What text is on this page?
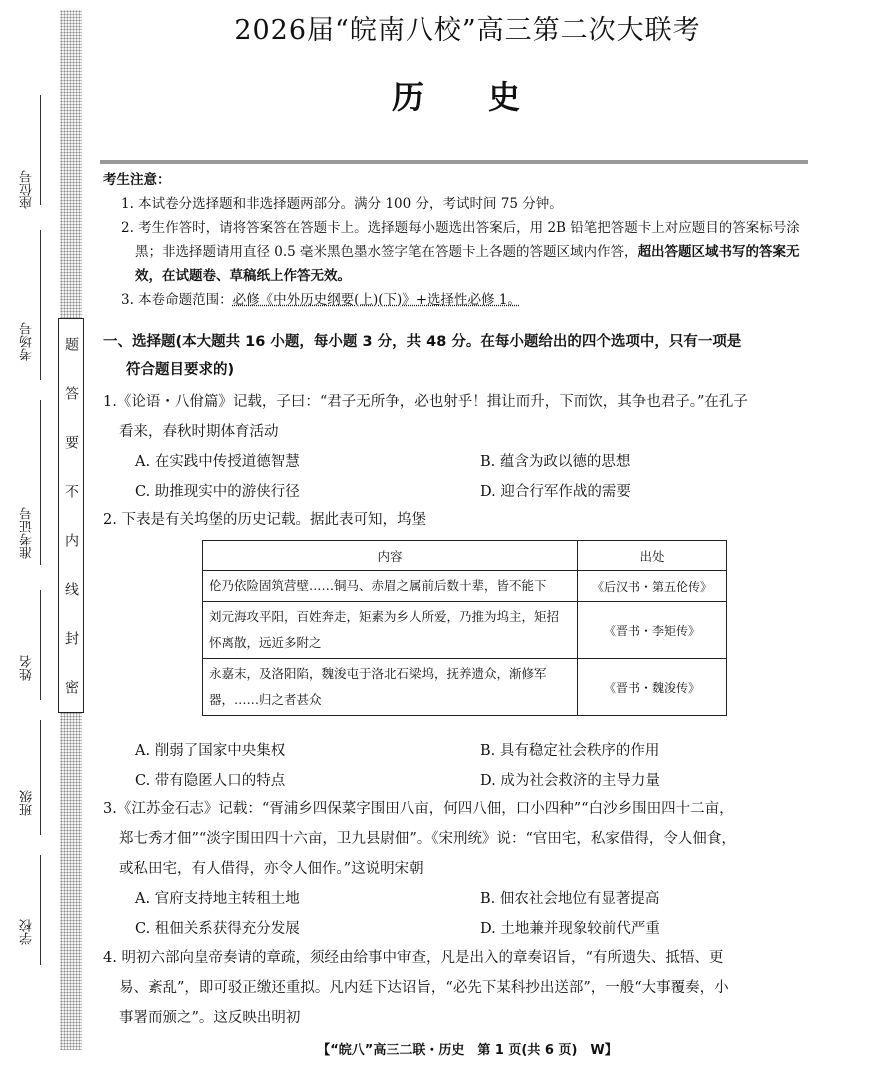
题
答
要
不
内
线
封
密
座位号
考场号
准考证号
姓名
班级
学校
2026届“皖南八校”高三第二次大联考
历　　史
考生注意：
1. 本试卷分选择题和非选择题两部分。满分 100 分，考试时间 75 分钟。
2. 考生作答时，请将答案答在答题卡上。选择题每小题选出答案后，用 2B 铅笔把答题卡上对应题目的答案标号涂黑；非选择题请用直径 0.5 毫米黑色墨水签字笔在答题卡上各题的答题区域内作答，超出答题区域书写的答案无效，在试题卷、草稿纸上作答无效。
3. 本卷命题范围：必修《中外历史纲要(上)(下)》+选择性必修 1。
一、选择题(本大题共 16 小题，每小题 3 分，共 48 分。在每小题给出的四个选项中，只有一项是
符合题目要求的)
1.《论语・八佾篇》记载，子曰：“君子无所争，必也射乎！揖让而升，下而饮，其争也君子。”在孔子
看来，春秋时期体育活动
A. 在实践中传授道德智慧	B. 蕴含为政以德的思想
C. 助推现实中的游侠行径	D. 迎合行军作战的需要
2. 下表是有关坞堡的历史记载。据此表可知，坞堡
内容	出处
伦乃依险固筑营壁……铜马、赤眉之属前后数十辈，皆不能下	《后汉书・第五伦传》
刘元海攻平阳，百姓奔走，矩素为乡人所爱，乃推为坞主，矩招怀离散，远近多附之	《晋书・李矩传》
永嘉末，及洛阳陷，魏浚屯于洛北石梁坞，抚养遗众，渐修军器，……归之者甚众	《晋书・魏浚传》
A. 削弱了国家中央集权	B. 具有稳定社会秩序的作用
C. 带有隐匿人口的特点	D. 成为社会救济的主导力量
3.《江苏金石志》记载：“胥浦乡四保菜字围田八亩，何四八佃，口小四种”“白沙乡围田四十二亩，
郑七秀才佃”“淡字围田四十六亩，卫九县尉佃”。《宋刑统》说：“官田宅，私家借得，令人佃食，
或私田宅，有人借得，亦令人佃作。”这说明宋朝
A. 官府支持地主转租土地	B. 佃农社会地位有显著提高
C. 租佃关系获得充分发展	D. 土地兼并现象较前代严重
4. 明初六部向皇帝奏请的章疏，须经由给事中审查，凡是出入的章奏诏旨，“有所遗失、抵牾、更
易、紊乱”，即可驳正缴还重拟。凡内廷下达诏旨，“必先下某科抄出送部”，一般“大事覆奏，小
事署而颁之”。这反映出明初
【“皖八”高三二联・历史　第 1 页(共 6 页)　W】
